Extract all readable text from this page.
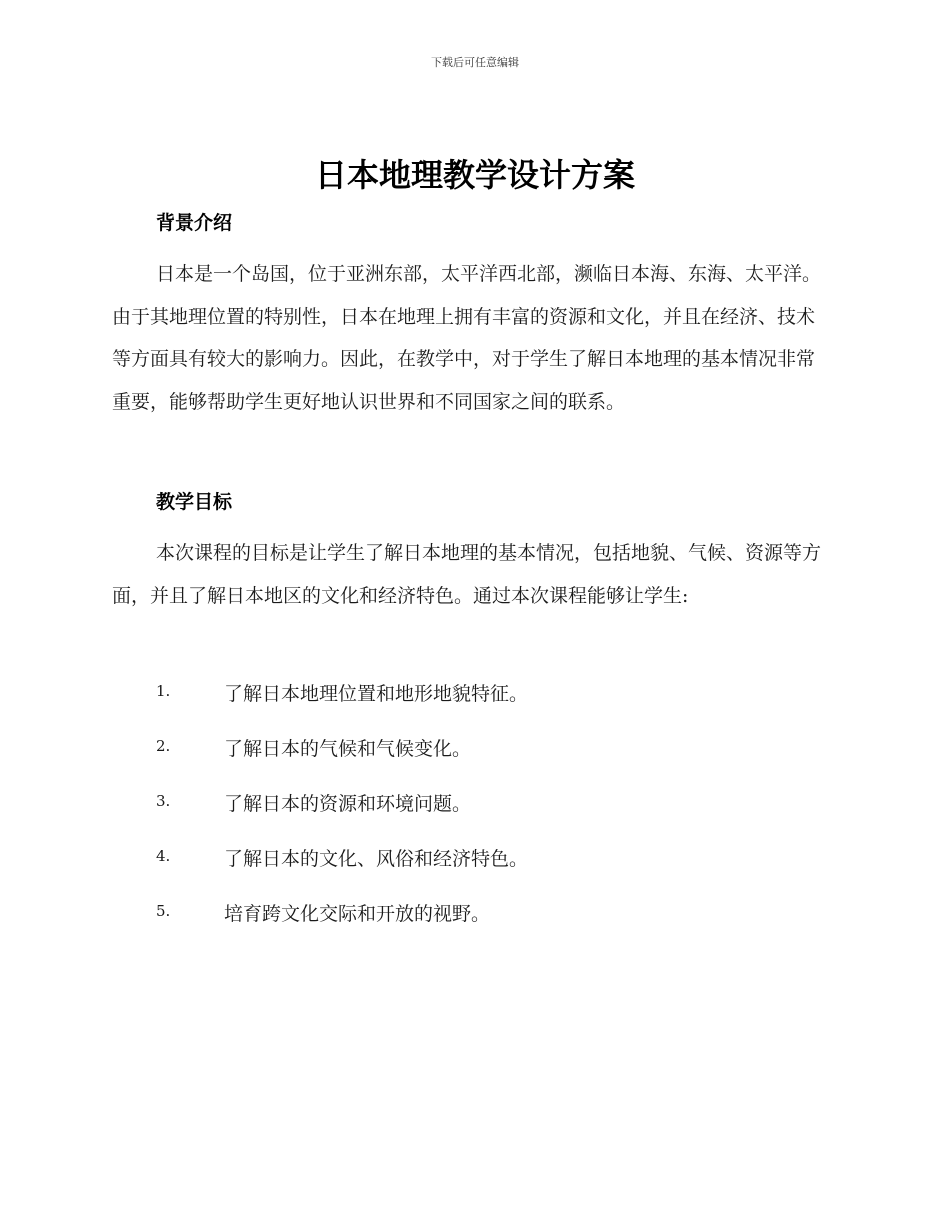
下载后可任意编辑
日本地理教学设计方案
背景介绍

日本是一个岛国，位于亚洲东部，太平洋西北部，濒临日本海、东海、太平洋。由于其地理位置的特别性，日本在地理上拥有丰富的资源和文化，并且在经济、技术等方面具有较大的影响力。因此，在教学中，对于学生了解日本地理的基本情况非常重要，能够帮助学生更好地认识世界和不同国家之间的联系。

教学目标

本次课程的目标是让学生了解日本地理的基本情况，包括地貌、气候、资源等方面，并且了解日本地区的文化和经济特色。通过本次课程能够让学生:

1.	了解日本地理位置和地形地貌特征。
2.	了解日本的气候和气候变化。
3.	了解日本的资源和环境问题。
4.	了解日本的文化、风俗和经济特色。
5.	培育跨文化交际和开放的视野。
